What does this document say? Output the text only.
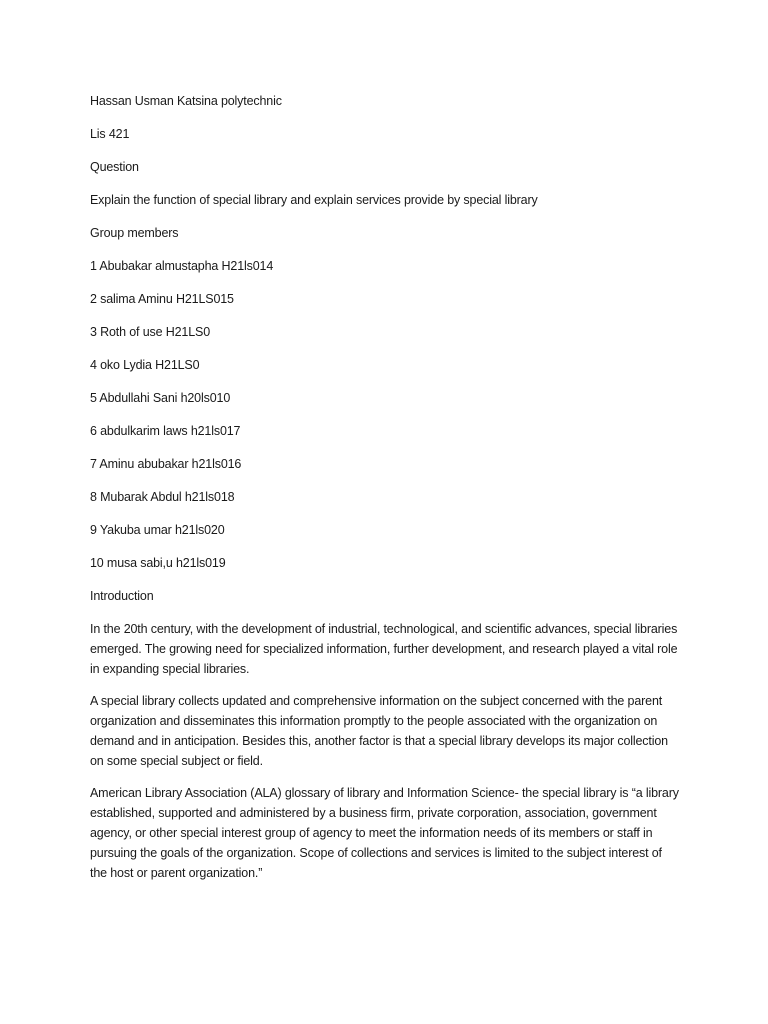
Hassan Usman Katsina polytechnic
Lis 421
Question
Explain the function of special library and explain services provide by special library
Group members
1 Abubakar almustapha H21ls014
2 salima Aminu H21LS015
3 Roth of use H21LS0
4 oko Lydia H21LS0
5 Abdullahi Sani h20ls010
6 abdulkarim laws h21ls017
7 Aminu abubakar h21ls016
8 Mubarak Abdul h21ls018
9 Yakuba umar h21ls020
10 musa sabi,u h21ls019
Introduction

In the 20th century, with the development of industrial, technological, and scientific advances, special libraries emerged. The growing need for specialized information, further development, and research played a vital role in expanding special libraries.

A special library collects updated and comprehensive information on the subject concerned with the parent organization and disseminates this information promptly to the people associated with the organization on demand and in anticipation. Besides this, another factor is that a special library develops its major collection on some special subject or field.

American Library Association (ALA) glossary of library and Information Science- the special library is “a library established, supported and administered by a business firm, private corporation, association, government agency, or other special interest group of agency to meet the information needs of its members or staff in pursuing the goals of the organization. Scope of collections and services is limited to the subject interest of the host or parent organization.”
